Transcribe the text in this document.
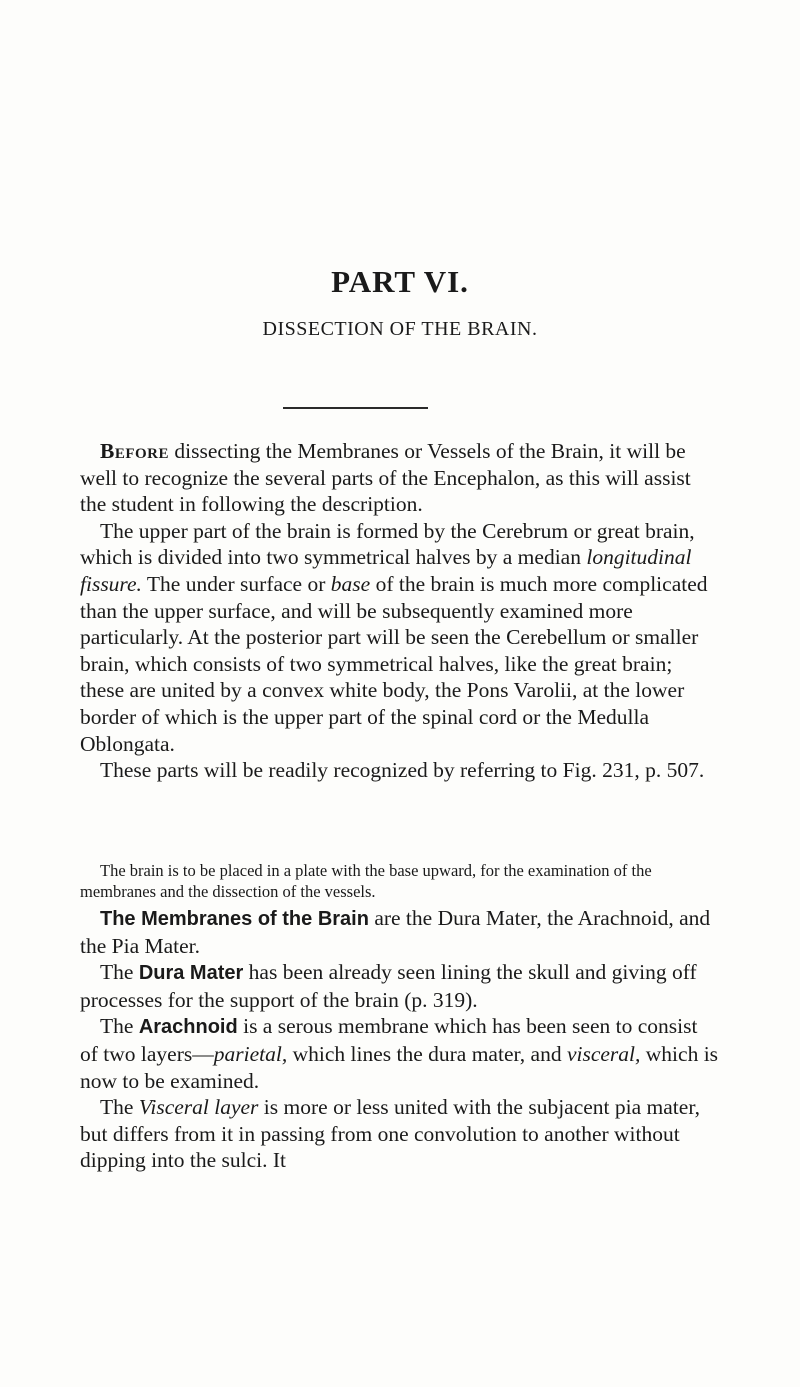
PART VI.
DISSECTION OF THE BRAIN.

Before dissecting the Membranes or Vessels of the Brain, it will be well to recognize the several parts of the Encephalon, as this will assist the student in following the description.

The upper part of the brain is formed by the Cerebrum or great brain, which is divided into two symmetrical halves by a median longitudinal fissure. The under surface or base of the brain is much more complicated than the upper surface, and will be subsequently examined more particularly. At the posterior part will be seen the Cerebellum or smaller brain, which consists of two symmetrical halves, like the great brain; these are united by a convex white body, the Pons Varolii, at the lower border of which is the upper part of the spinal cord or the Medulla Oblongata.

These parts will be readily recognized by referring to Fig. 231, p. 507.

The brain is to be placed in a plate with the base upward, for the examination of the membranes and the dissection of the vessels.

The Membranes of the Brain are the Dura Mater, the Arachnoid, and the Pia Mater.

The Dura Mater has been already seen lining the skull and giving off processes for the support of the brain (p. 319).

The Arachnoid is a serous membrane which has been seen to consist of two layers—parietal, which lines the dura mater, and visceral, which is now to be examined.

The Visceral layer is more or less united with the subjacent pia mater, but differs from it in passing from one convolution to another without dipping into the sulci. It
